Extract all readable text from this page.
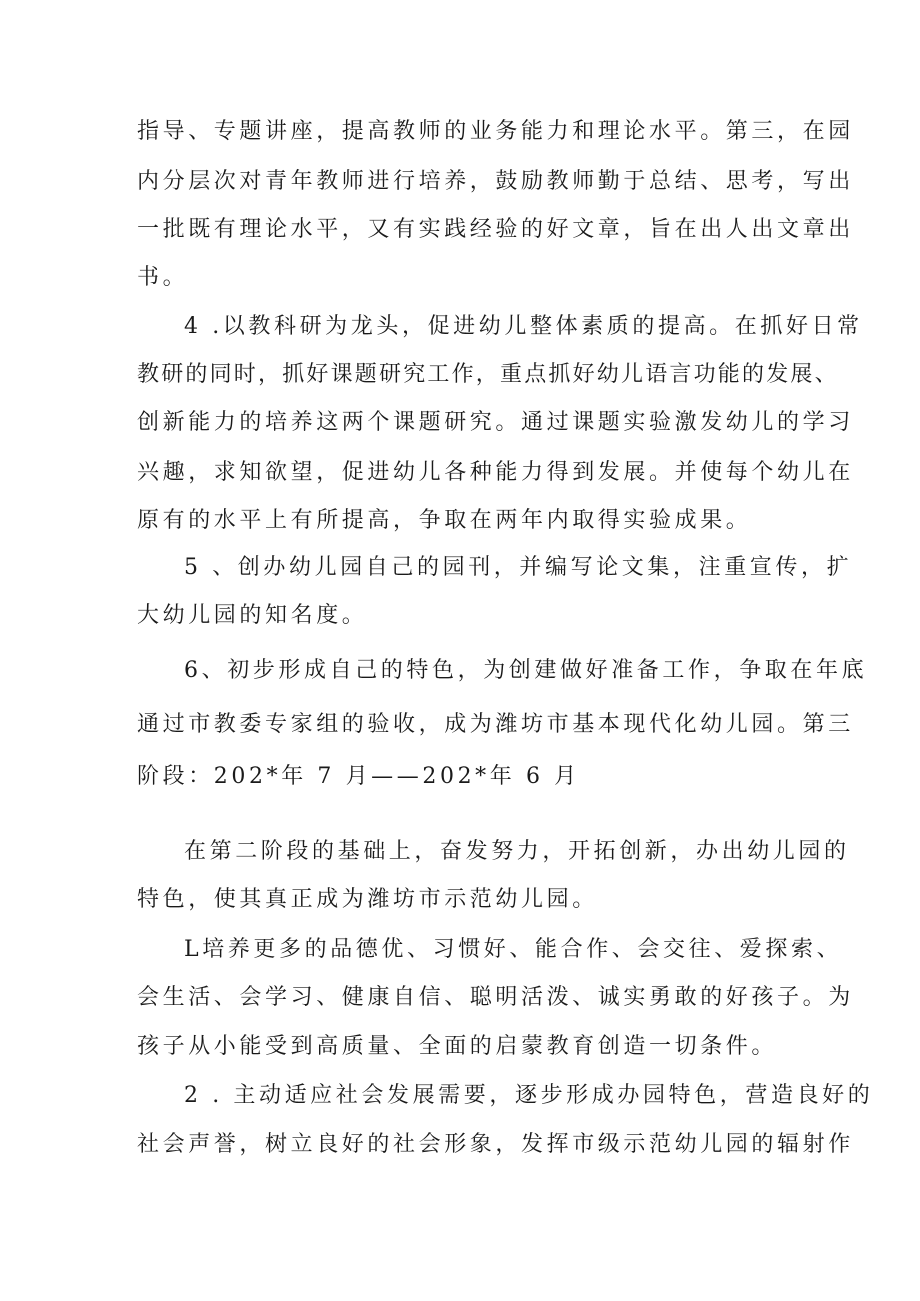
指导、专题讲座，提高教师的业务能力和理论水平。第三，在园
内分层次对青年教师进行培养，鼓励教师勤于总结、思考，写出
一批既有理论水平，又有实践经验的好文章，旨在出人出文章出
书。
4 .以教科研为龙头，促进幼儿整体素质的提高。在抓好日常
教研的同时，抓好课题研究工作，重点抓好幼儿语言功能的发展、
创新能力的培养这两个课题研究。通过课题实验激发幼儿的学习
兴趣，求知欲望，促进幼儿各种能力得到发展。并使每个幼儿在
原有的水平上有所提高，争取在两年内取得实验成果。
5 、创办幼儿园自己的园刊，并编写论文集，注重宣传，扩
大幼儿园的知名度。
6、初步形成自己的特色，为创建做好准备工作，争取在年底
通过市教委专家组的验收，成为潍坊市基本现代化幼儿园。第三
阶段：202*年 7 月——202*年 6 月
在第二阶段的基础上，奋发努力，开拓创新，办出幼儿园的
特色，使其真正成为潍坊市示范幼儿园。
L培养更多的品德优、习惯好、能合作、会交往、爱探索、
会生活、会学习、健康自信、聪明活泼、诚实勇敢的好孩子。为
孩子从小能受到高质量、全面的启蒙教育创造一切条件。
2 . 主动适应社会发展需要，逐步形成办园特色，营造良好的
社会声誉，树立良好的社会形象，发挥市级示范幼儿园的辐射作
